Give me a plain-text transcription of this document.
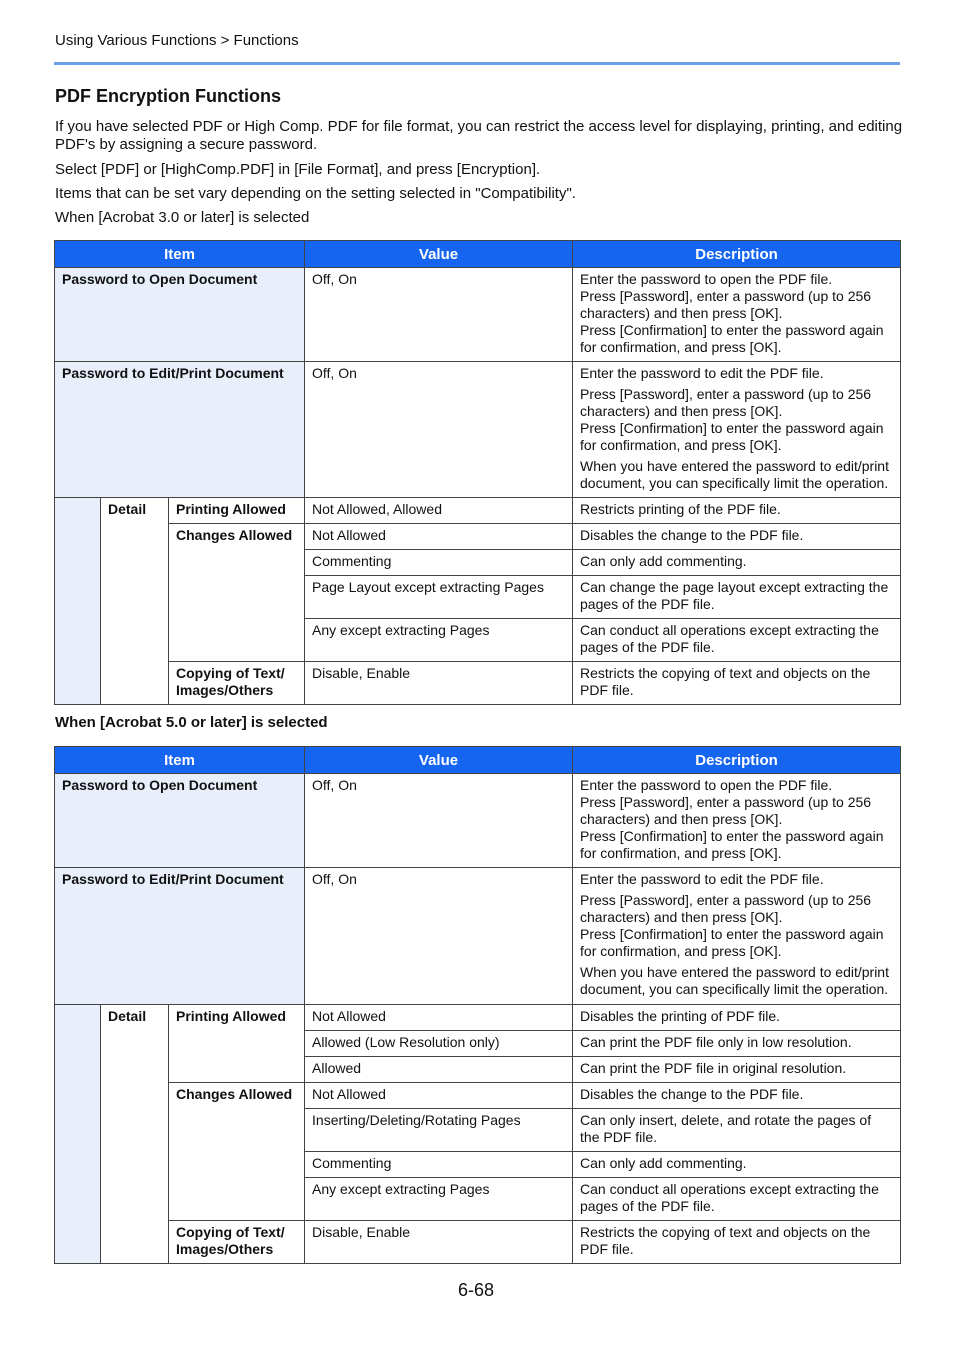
Using Various Functions > Functions
PDF Encryption Functions

If you have selected PDF or High Comp. PDF for file format, you can restrict the access level for displaying, printing, and editing PDF's by assigning a secure password.

Select [PDF] or [HighComp.PDF] in [File Format], and press [Encryption].

Items that can be set vary depending on the setting selected in "Compatibility".

When [Acrobat 3.0 or later] is selected

Item			Value	Description
Password to Open Document			Off, On	Enter the password to open the PDF file.
Press [Password], enter a password (up to 256 characters) and then press [OK].
Press [Confirmation] to enter the password again for confirmation, and press [OK].

Password to Edit/Print Document			Off, On	Enter the password to edit the PDF file.
Press [Password], enter a password (up to 256 characters) and then press [OK].
Press [Confirmation] to enter the password again for confirmation, and press [OK].
When you have entered the password to edit/print document, you can specifically limit the operation.

	Detail	Printing Allowed	Not Allowed, Allowed	Restricts printing of the PDF file.
		Changes Allowed	Not Allowed	Disables the change to the PDF file.
			Commenting	Can only add commenting.
			Page Layout except extracting Pages	Can change the page layout except extracting the pages of the PDF file.
			Any except extracting Pages	Can conduct all operations except extracting the pages of the PDF file.

		Copying of Text/
Images/Others	Disable, Enable	Restricts the copying of text and objects on the PDF file.

When [Acrobat 5.0 or later] is selected

Item			Value	Description
Password to Open Document			Off, On	Enter the password to open the PDF file.
Press [Password], enter a password (up to 256 characters) and then press [OK].
Press [Confirmation] to enter the password again for confirmation, and press [OK].

Password to Edit/Print Document			Off, On	Enter the password to edit the PDF file.
Press [Password], enter a password (up to 256 characters) and then press [OK].
Press [Confirmation] to enter the password again for confirmation, and press [OK].
When you have entered the password to edit/print document, you can specifically limit the operation.

	Detail	Printing Allowed	Not Allowed	Disables the printing of PDF file.
			Allowed (Low Resolution only)	Can print the PDF file only in low resolution.
			Allowed	Can print the PDF file in original resolution.
		Changes Allowed	Not Allowed	Disables the change to the PDF file.
			Inserting/Deleting/Rotating Pages	Can only insert, delete, and rotate the pages of the PDF file.
			Commenting	Can only add commenting.
			Any except extracting Pages	Can conduct all operations except extracting the pages of the PDF file.

		Copying of Text/
Images/Others	Disable, Enable	Restricts the copying of text and objects on the PDF file.
6-68
